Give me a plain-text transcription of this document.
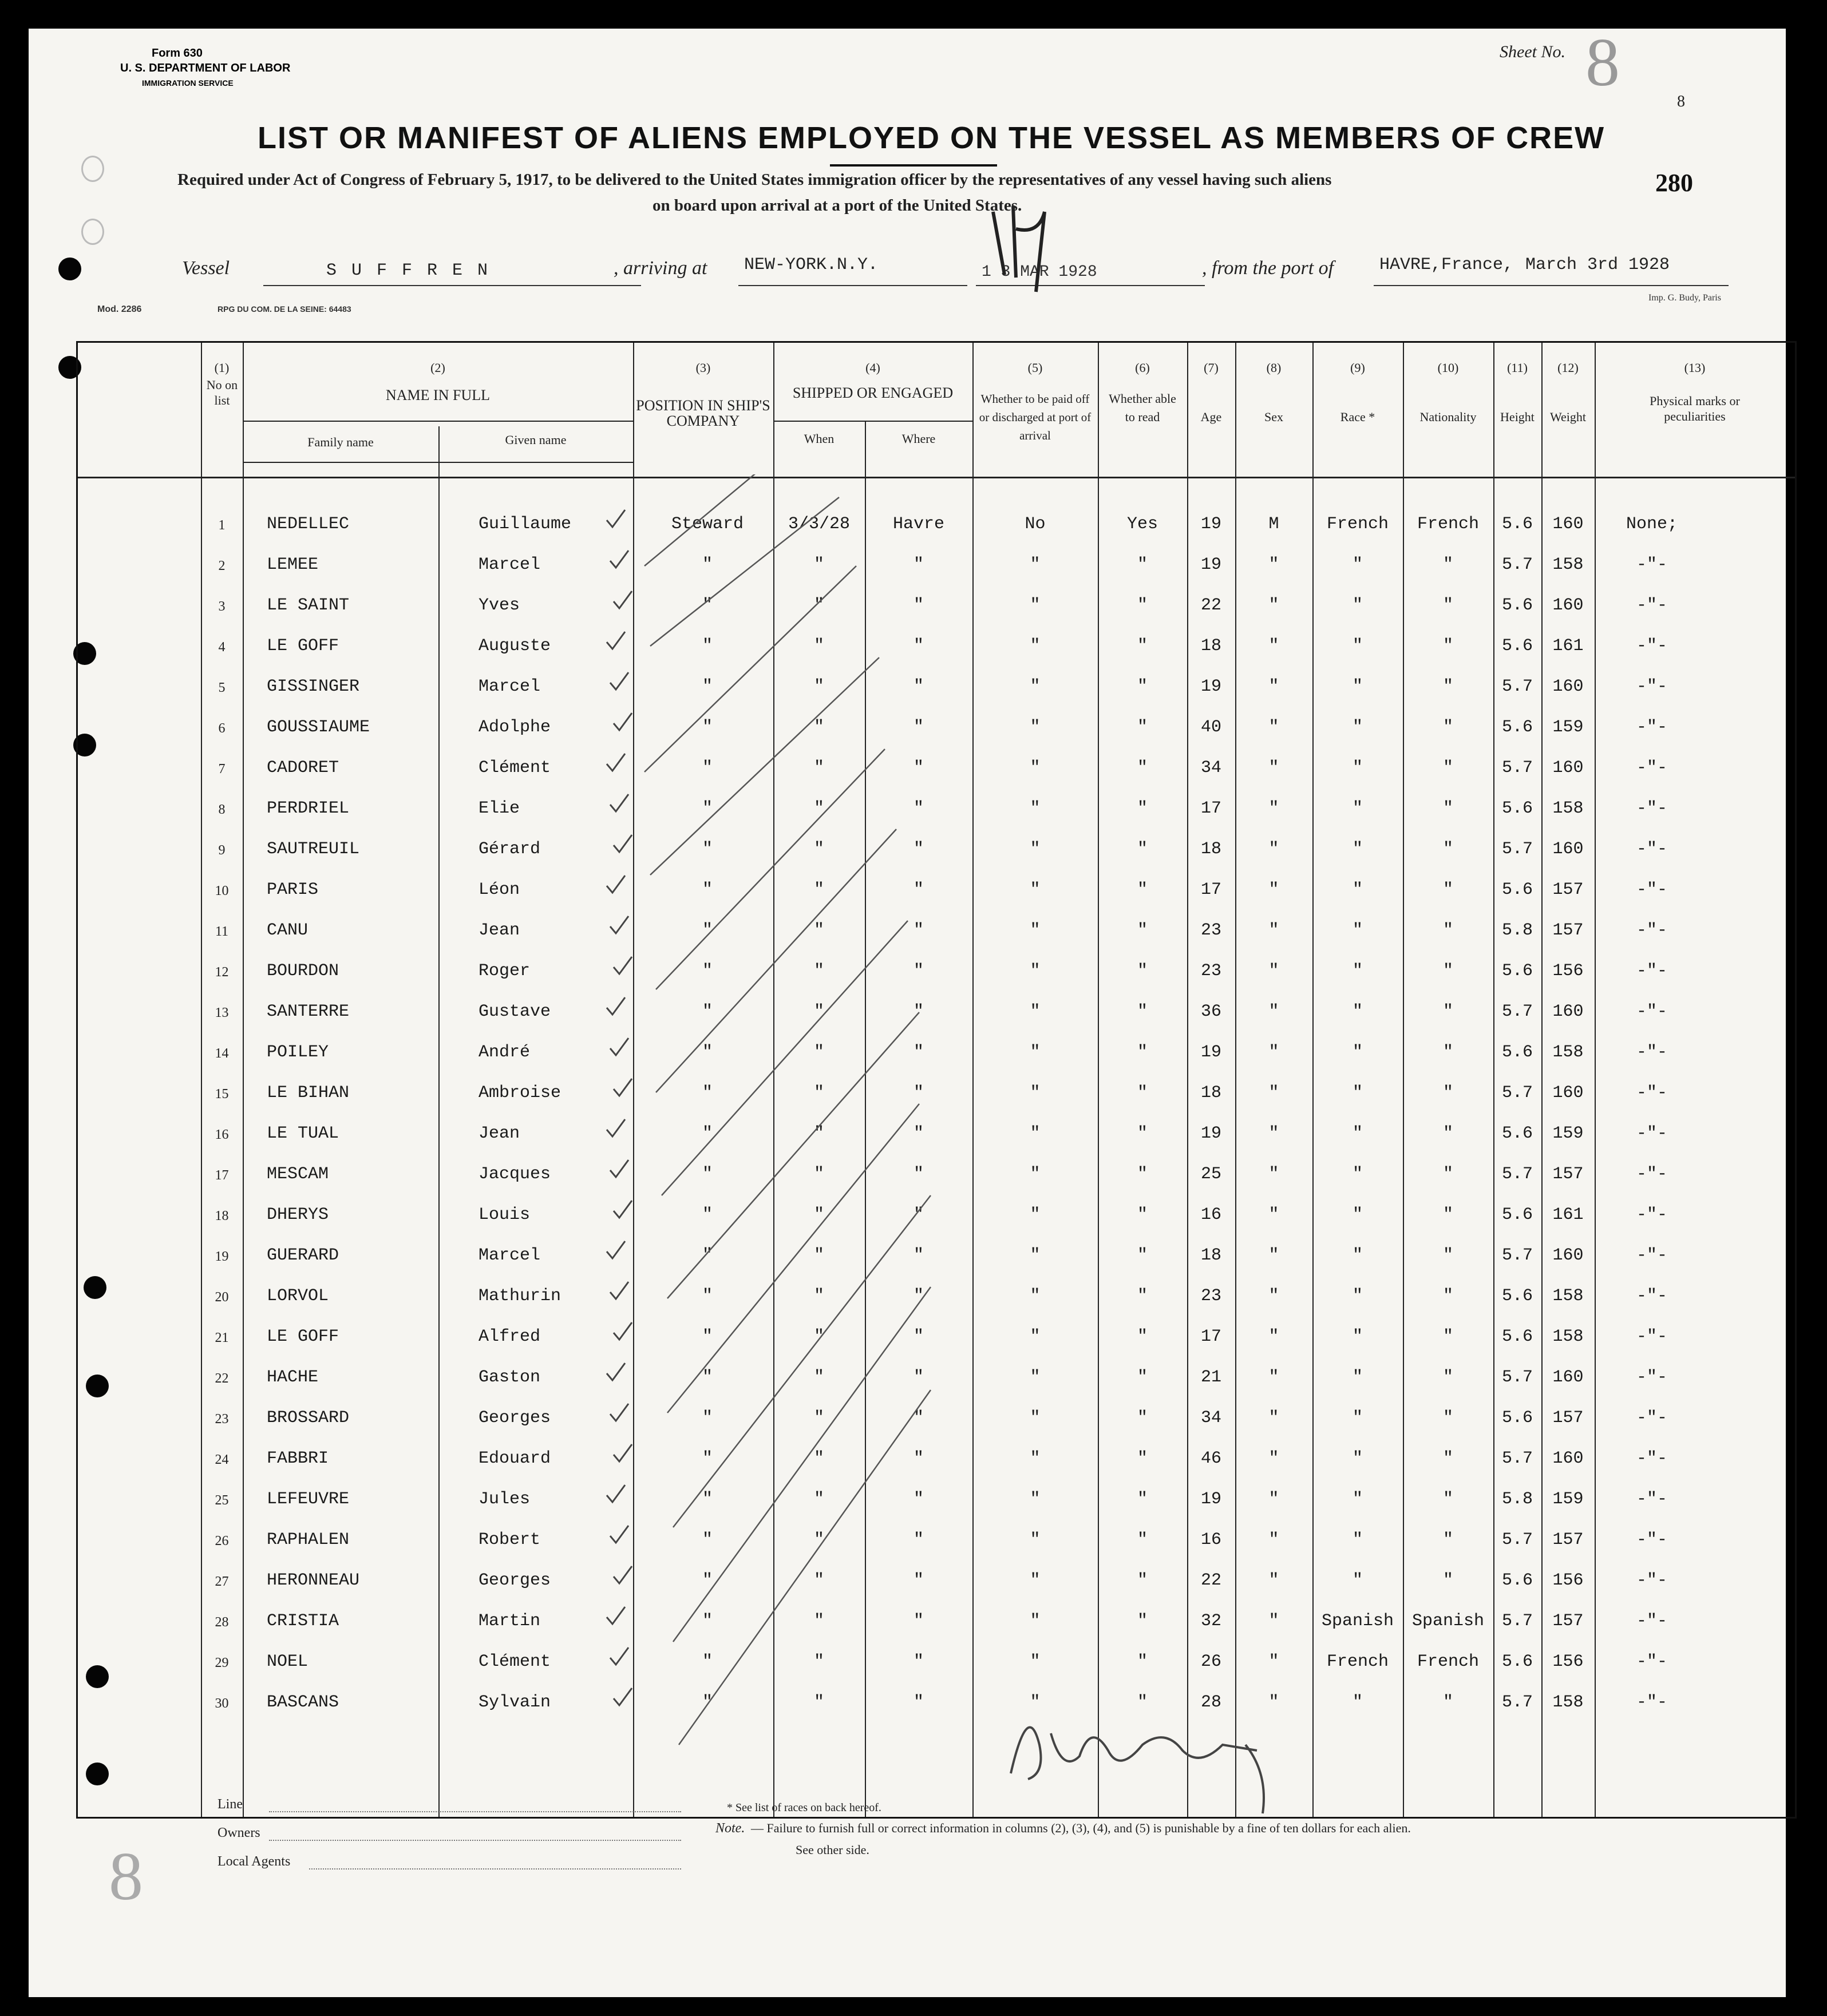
Form 630
U. S. DEPARTMENT OF LABOR
IMMIGRATION SERVICE
Sheet No. 8
8
LIST OR MANIFEST OF ALIENS EMPLOYED ON THE VESSEL AS MEMBERS OF CREW
Required under Act of Congress of February 5, 1917, to be delivered to the United States immigration officer by the representatives of any vessel having such aliens
on board upon arrival at a port of the United States.
280
Vessel	S U F F R E N	, arriving at NEW-YORK.N.Y.	1 3 MAR 1928	, from the port of	HAVRE,France, March 3rd 1928
Mod. 2286	RPG DU COM. DE LA SEINE: 64483
Imp. G. Budy, Paris
(1)
No on list
(2)
NAME IN FULL
Family name	Given name
(3)
POSITION IN SHIP'S COMPANY
(4)
SHIPPED OR ENGAGED
When	Where
(5)
Whether to be paid off or discharged at port of arrival
(6)
Whether able to read
(7)
Age
(8)
Sex
(9)
Race *
(10)
Nationality
(11)
Height
(12)
Weight
(13)
Physical marks or peculiarities
1	NEDELLEC	Guillaume	Steward	3/3/28	Havre	No	Yes	19	M	French	French	5.6	160	None;
2	LEMEE	Marcel	"	"	"	"	"	19	"	"	"	5.7	158	-"-
3	LE SAINT	Yves	"	"	"	"	"	22	"	"	"	5.6	160	-"-
4	LE GOFF	Auguste	"	"	"	"	"	18	"	"	"	5.6	161	-"-
5	GISSINGER	Marcel	"	"	"	"	"	19	"	"	"	5.7	160	-"-
6	GOUSSIAUME	Adolphe	"	"	"	"	"	40	"	"	"	5.6	159	-"-
7	CADORET	Clément	"	"	"	"	"	34	"	"	"	5.7	160	-"-
8	PERDRIEL	Elie	"	"	"	"	"	17	"	"	"	5.6	158	-"-
9	SAUTREUIL	Gérard	"	"	"	"	"	18	"	"	"	5.7	160	-"-
10	PARIS	Léon	"	"	"	"	"	17	"	"	"	5.6	157	-"-
11	CANU	Jean	"	"	"	"	"	23	"	"	"	5.8	157	-"-
12	BOURDON	Roger	"	"	"	"	"	23	"	"	"	5.6	156	-"-
13	SANTERRE	Gustave	"	"	"	"	"	36	"	"	"	5.7	160	-"-
14	POILEY	André	"	"	"	"	"	19	"	"	"	5.6	158	-"-
15	LE BIHAN	Ambroise	"	"	"	"	"	18	"	"	"	5.7	160	-"-
16	LE TUAL	Jean	"	"	"	"	"	19	"	"	"	5.6	159	-"-
17	MESCAM	Jacques	"	"	"	"	"	25	"	"	"	5.7	157	-"-
18	DHERYS	Louis	"	"	"	"	"	16	"	"	"	5.6	161	-"-
19	GUERARD	Marcel	"	"	"	"	"	18	"	"	"	5.7	160	-"-
20	LORVOL	Mathurin	"	"	"	"	"	23	"	"	"	5.6	158	-"-
21	LE GOFF	Alfred	"	"	"	"	"	17	"	"	"	5.6	158	-"-
22	HACHE	Gaston	"	"	"	"	"	21	"	"	"	5.7	160	-"-
23	BROSSARD	Georges	"	"	"	"	"	34	"	"	"	5.6	157	-"-
24	FABBRI	Edouard	"	"	"	"	"	46	"	"	"	5.7	160	-"-
25	LEFEUVRE	Jules	"	"	"	"	"	19	"	"	"	5.8	159	-"-
26	RAPHALEN	Robert	"	"	"	"	"	16	"	"	"	5.7	157	-"-
27	HERONNEAU	Georges	"	"	"	"	"	22	"	"	"	5.6	156	-"-
28	CRISTIA	Martin	"	"	"	"	"	32	"	Spanish	Spanish	5.7	157	-"-
29	NOEL	Clément	"	"	"	"	"	26	"	French	French	5.6	156	-"-
30	BASCANS	Sylvain	"	"	"	"	"	28	"	"	"	5.7	158	-"-
Line
Owners
Local Agents
* See list of races on back hereof.
Note. — Failure to furnish full or correct information in columns (2), (3), (4), and (5) is punishable by a fine of ten dollars for each alien.
See other side.
8
